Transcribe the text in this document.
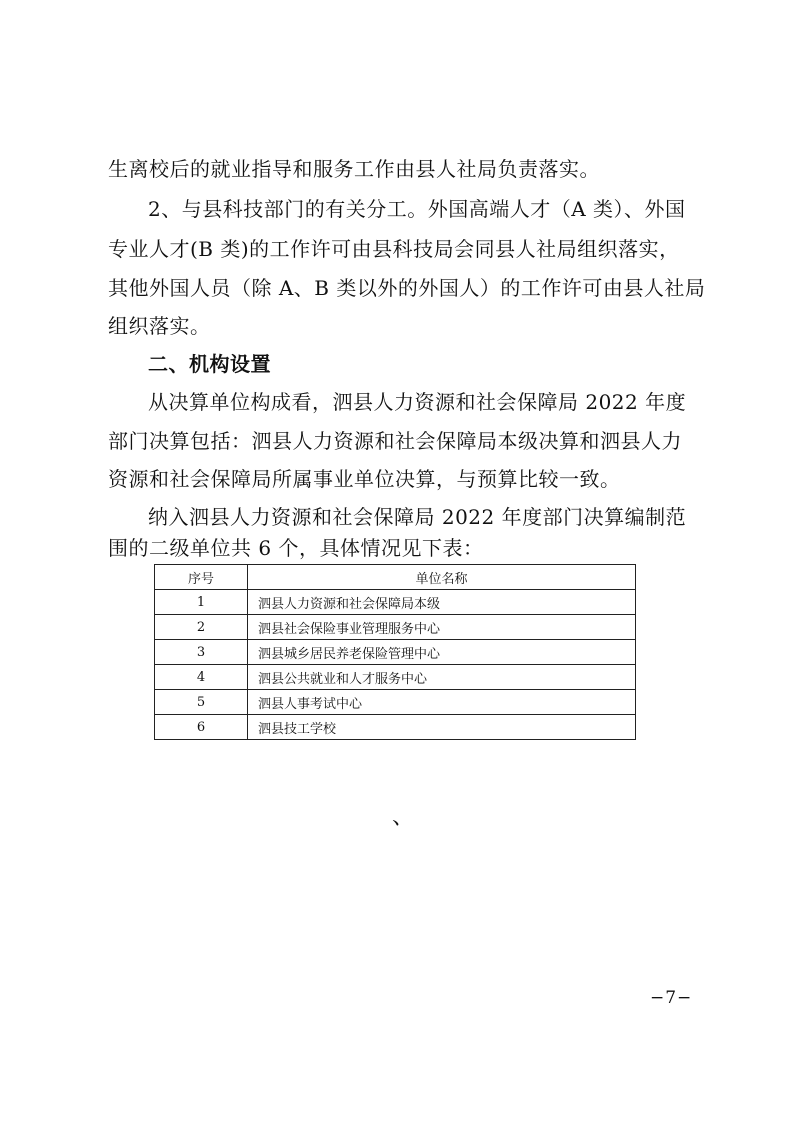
生离校后的就业指导和服务工作由县人社局负责落实。
2、与县科技部门的有关分工。外国高端人才（A 类）、外国
专业人才(B 类)的工作许可由县科技局会同县人社局组织落实，
其他外国人员（除 A、B 类以外的外国人）的工作许可由县人社局
组织落实。
二、机构设置
从决算单位构成看，泗县人力资源和社会保障局 2022 年度
部门决算包括：泗县人力资源和社会保障局本级决算和泗县人力
资源和社会保障局所属事业单位决算，与预算比较一致。
纳入泗县人力资源和社会保障局 2022 年度部门决算编制范
围的二级单位共 6 个，具体情况见下表：
序号	单位名称
1	泗县人力资源和社会保障局本级
2	泗县社会保险事业管理服务中心
3	泗县城乡居民养老保险管理中心
4	泗县公共就业和人才服务中心
5	泗县人事考试中心
6	泗县技工学校
、
−7−
